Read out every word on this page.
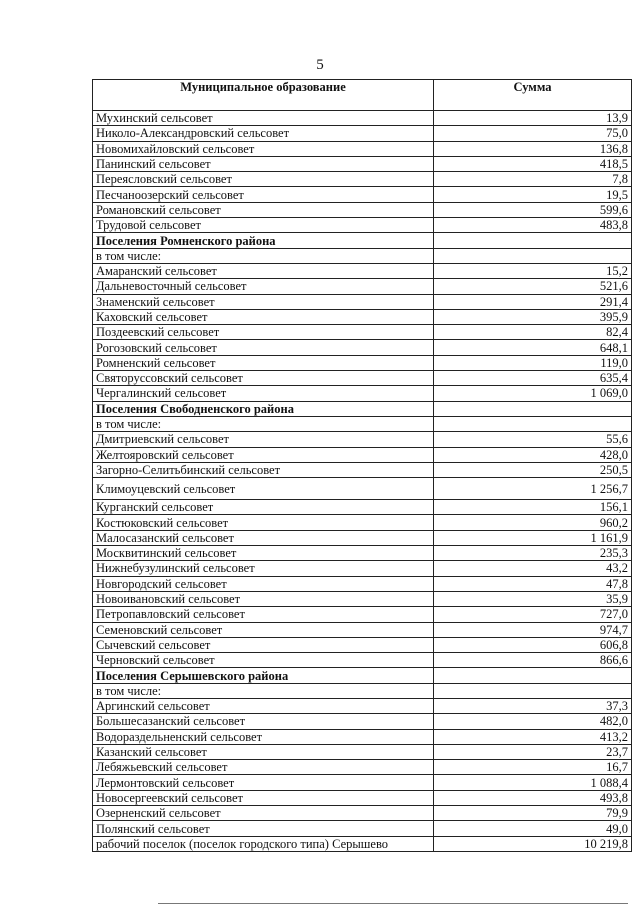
5
Муниципальное образование	Сумма
Мухинский сельсовет	13,9
Николо-Александровский сельсовет	75,0
Новомихайловский сельсовет	136,8
Панинский сельсовет	418,5
Переясловский сельсовет	7,8
Песчаноозерский сельсовет	19,5
Романовский сельсовет	599,6
Трудовой сельсовет	483,8
Поселения Ромненского района	
в том числе:	
Амаранский сельсовет	15,2
Дальневосточный сельсовет	521,6
Знаменский сельсовет	291,4
Каховский сельсовет	395,9
Поздеевский сельсовет	82,4
Рогозовский сельсовет	648,1
Ромненский сельсовет	119,0
Святорусcовский сельсовет	635,4
Чергалинский сельсовет	1 069,0
Поселения Свободненского района	
в том числе:	
Дмитриевский сельсовет	55,6
Желтояровский сельсовет	428,0
Загорно-Селитьбинский сельсовет	250,5
Климоуцевский сельсовет	1 256,7
Курганский сельсовет	156,1
Костюковский сельсовет	960,2
Малосазанский сельсовет	1 161,9
Москвитинский сельсовет	235,3
Нижнебузулинский сельсовет	43,2
Новгородский сельсовет	47,8
Новоивановский сельсовет	35,9
Петропавловский сельсовет	727,0
Семеновский сельсовет	974,7
Сычевский сельсовет	606,8
Черновский сельсовет	866,6
Поселения Серышевского района	
в том числе:	
Аргинский сельсовет	37,3
Большесазанский сельсовет	482,0
Водораздельненский сельсовет	413,2
Казанский сельсовет	23,7
Лебяжьевский сельсовет	16,7
Лермонтовский сельсовет	1 088,4
Новосергеевский сельсовет	493,8
Озерненский сельсовет	79,9
Полянский сельсовет	49,0
рабочий поселок (поселок городского типа) Серышево	10 219,8
